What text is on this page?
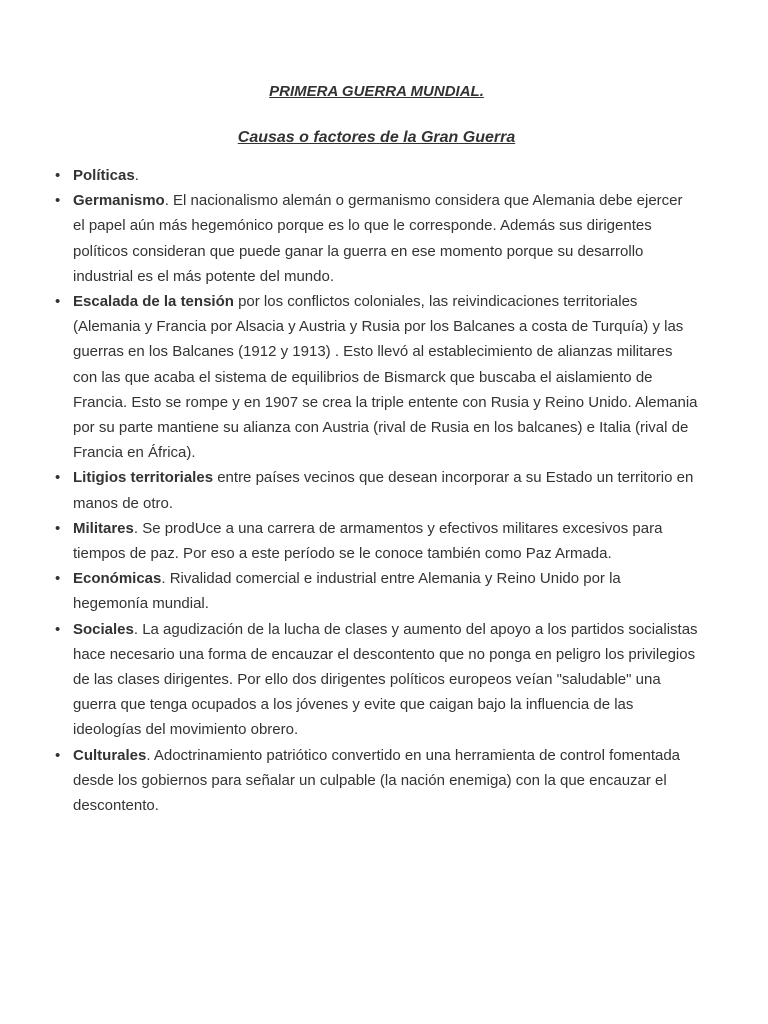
PRIMERA GUERRA MUNDIAL.
Causas o factores de la Gran Guerra
• Políticas.
• Germanismo. El nacionalismo alemán o germanismo considera que Alemania debe ejercer el papel aún más hegemónico porque es lo que le corresponde. Además sus dirigentes políticos consideran que puede ganar la guerra en ese momento porque su desarrollo industrial es el más potente del mundo.
• Escalada de la tensión por los conflictos coloniales, las reivindicaciones territoriales (Alemania y Francia por Alsacia y Austria y Rusia por los Balcanes a costa de Turquía) y las guerras en los Balcanes (1912 y 1913) . Esto llevó al establecimiento de alianzas militares con las que acaba el sistema de equilibrios de Bismarck que buscaba el aislamiento de Francia. Esto se rompe y en 1907 se crea la triple entente con Rusia y Reino Unido. Alemania por su parte mantiene su alianza con Austria (rival de Rusia en los balcanes) e Italia (rival de Francia en África).
• Litigios territoriales entre países vecinos que desean incorporar a su Estado un territorio en manos de otro.
• Militares. Se prodUce a una carrera de armamentos y efectivos militares excesivos para tiempos de paz. Por eso a este período se le conoce también como Paz Armada.
• Económicas. Rivalidad comercial e industrial entre Alemania y Reino Unido por la hegemonía mundial.
• Sociales. La agudización de la lucha de clases y aumento del apoyo a los partidos socialistas hace necesario una forma de encauzar el descontento que no ponga en peligro los privilegios de las clases dirigentes. Por ello dos dirigentes políticos europeos veían "saludable" una guerra que tenga ocupados a los jóvenes y evite que caigan bajo la influencia de las ideologías del movimiento obrero.
• Culturales. Adoctrinamiento patriótico convertido en una herramienta de control fomentada desde los gobiernos para señalar un culpable (la nación enemiga) con la que encauzar el descontento.
